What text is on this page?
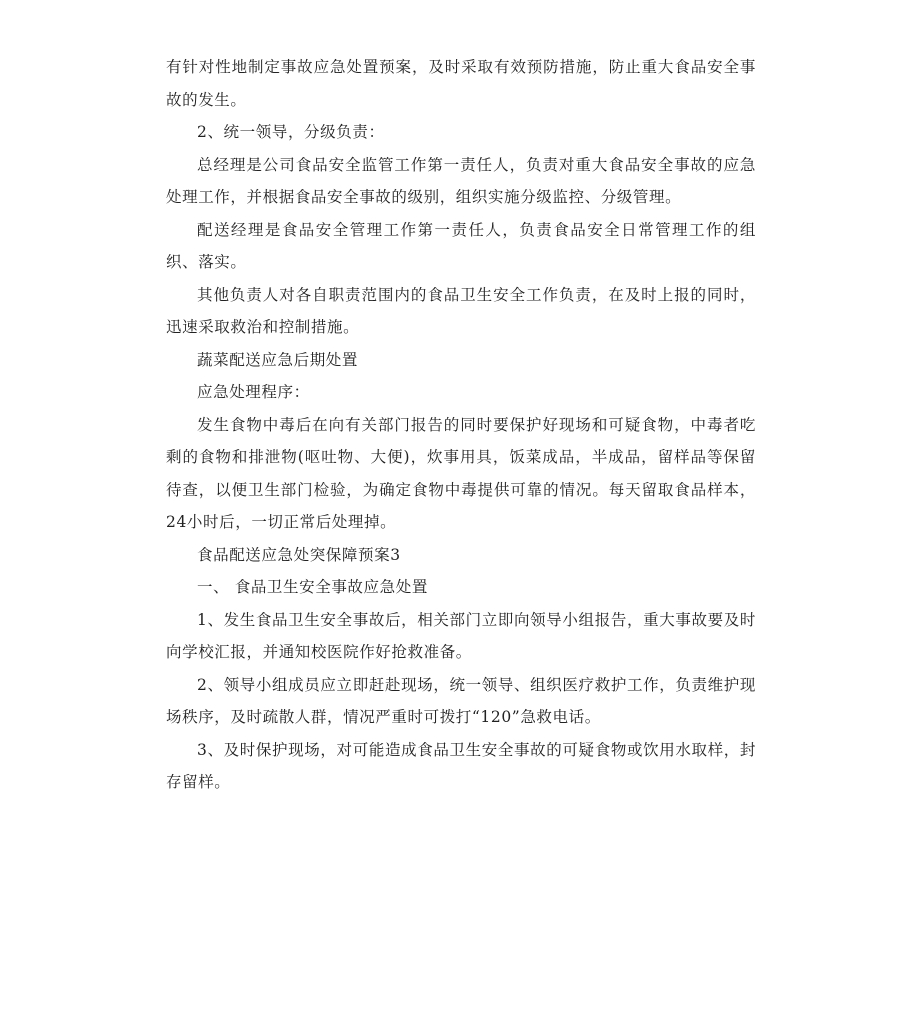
有针对性地制定事故应急处置预案，及时采取有效预防措施，防止重大食品安全事故的发生。

2、统一领导，分级负责：

总经理是公司食品安全监管工作第一责任人，负责对重大食品安全事故的应急处理工作，并根据食品安全事故的级别，组织实施分级监控、分级管理。

配送经理是食品安全管理工作第一责任人，负责食品安全日常管理工作的组织、落实。

其他负责人对各自职责范围内的食品卫生安全工作负责，在及时上报的同时，迅速采取救治和控制措施。

蔬菜配送应急后期处置

应急处理程序：

发生食物中毒后在向有关部门报告的同时要保护好现场和可疑食物，中毒者吃剩的食物和排泄物(呕吐物、大便)，炊事用具，饭菜成品，半成品，留样品等保留待查，以便卫生部门检验，为确定食物中毒提供可靠的情况。每天留取食品样本，24小时后，一切正常后处理掉。

食品配送应急处突保障预案3

一、 食品卫生安全事故应急处置

1、发生食品卫生安全事故后，相关部门立即向领导小组报告，重大事故要及时向学校汇报，并通知校医院作好抢救准备。

2、领导小组成员应立即赶赴现场，统一领导、组织医疗救护工作，负责维护现场秩序，及时疏散人群，情况严重时可拨打“120”急救电话。

3、及时保护现场，对可能造成食品卫生安全事故的可疑食物或饮用水取样，封存留样。
